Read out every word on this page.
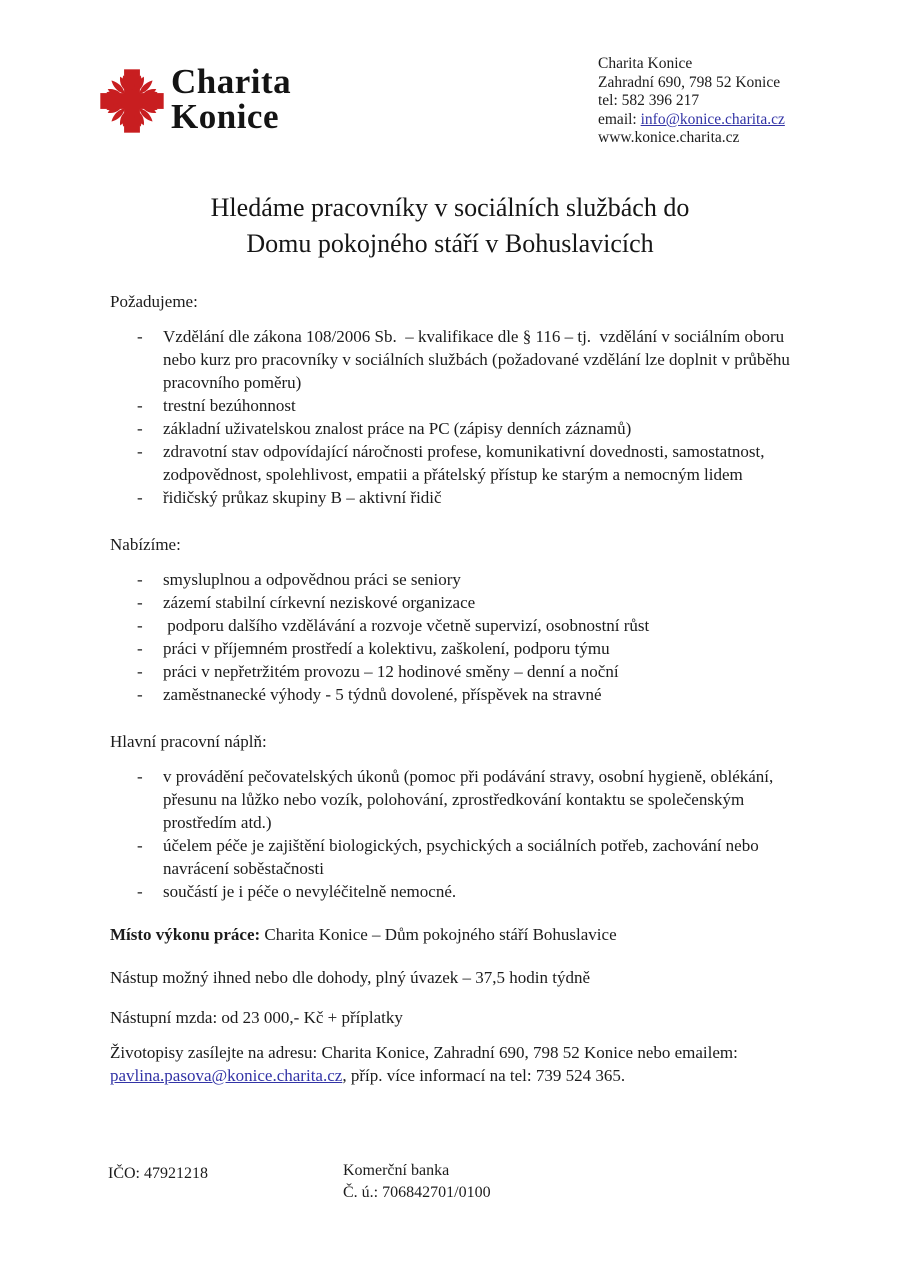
Charita
Konice
Charita Konice
Zahradní 690, 798 52 Konice
tel: 582 396 217
email: info@konice.charita.cz
www.konice.charita.cz
Hledáme pracovníky v sociálních službách do
Domu pokojného stáří v Bohuslavicích
Požadujeme:
-	Vzdělání dle zákona 108/2006 Sb.  – kvalifikace dle § 116 – tj.  vzdělání v sociálním oboru nebo kurz pro pracovníky v sociálních službách (požadované vzdělání lze doplnit v průběhu pracovního poměru)
-	trestní bezúhonnost
-	základní uživatelskou znalost práce na PC (zápisy denních záznamů)
-	zdravotní stav odpovídající náročnosti profese, komunikativní dovednosti, samostatnost, zodpovědnost, spolehlivost, empatii a přátelský přístup ke starým a nemocným lidem
-	řidičský průkaz skupiny B – aktivní řidič
Nabízíme:
-	smysluplnou a odpovědnou práci se seniory
-	zázemí stabilní církevní neziskové organizace
-	podporu dalšího vzdělávání a rozvoje včetně supervizí, osobnostní růst
-	práci v příjemném prostředí a kolektivu, zaškolení, podporu týmu
-	práci v nepřetržitém provozu – 12 hodinové směny – denní a noční
-	zaměstnanecké výhody - 5 týdnů dovolené, příspěvek na stravné
Hlavní pracovní náplň:
-	v provádění pečovatelských úkonů (pomoc při podávání stravy, osobní hygieně, oblékání, přesunu na lůžko nebo vozík, polohování, zprostředkování kontaktu se společenským prostředím atd.)
-	účelem péče je zajištění biologických, psychických a sociálních potřeb, zachování nebo navrácení soběstačnosti
-	součástí je i péče o nevyléčitelně nemocné.

Místo výkonu práce: Charita Konice – Dům pokojného stáří Bohuslavice

Nástup možný ihned nebo dle dohody, plný úvazek – 37,5 hodin týdně

Nástupní mzda: od 23 000,- Kč + příplatky

Životopisy zasílejte na adresu: Charita Konice, Zahradní 690, 798 52 Konice nebo emailem: pavlina.pasova@konice.charita.cz, příp. více informací na tel: 739 524 365.

IČO: 47921218	Komerční banka
Č. ú.: 706842701/0100
